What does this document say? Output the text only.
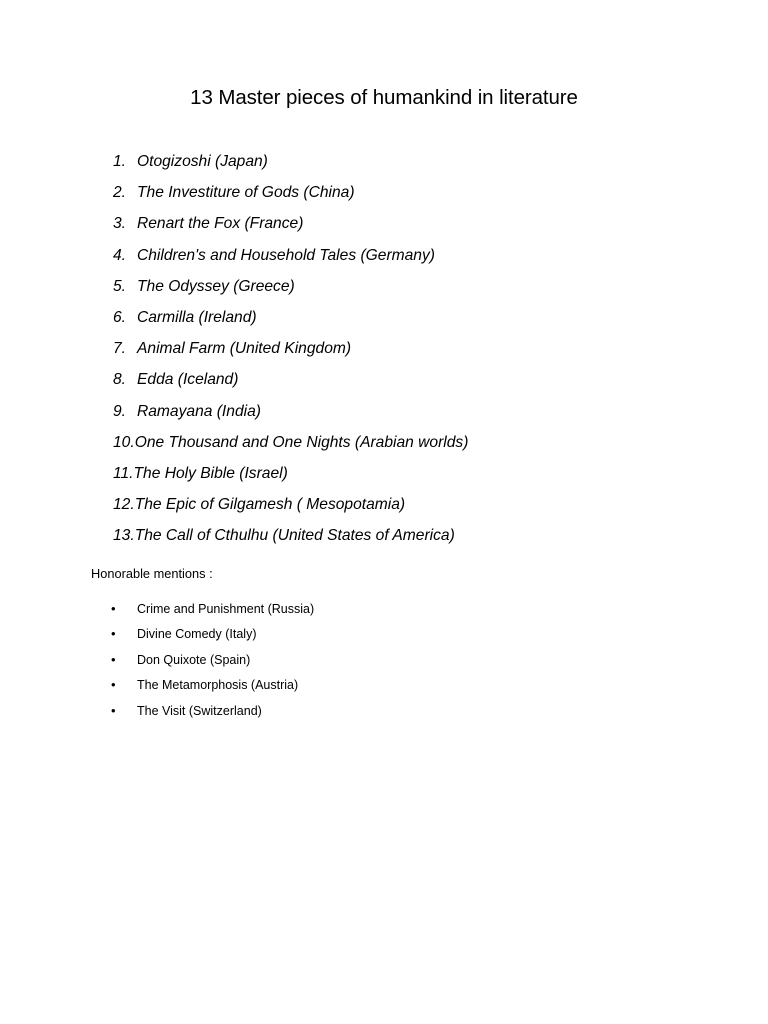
13 Master pieces of humankind in literature
1. Otogizoshi (Japan)
2. The Investiture of Gods (China)
3. Renart the Fox (France)
4. Children's and Household Tales (Germany)
5. The Odyssey (Greece)
6. Carmilla (Ireland)
7. Animal Farm (United Kingdom)
8. Edda (Iceland)
9. Ramayana (India)
10. One Thousand and One Nights (Arabian worlds)
11. The Holy Bible (Israel)
12. The Epic of Gilgamesh ( Mesopotamia)
13. The Call of Cthulhu (United States of America)

Honorable mentions :

•	Crime and Punishment (Russia)
•	Divine Comedy (Italy)
•	Don Quixote (Spain)
•	The Metamorphosis (Austria)
•	The Visit (Switzerland)
